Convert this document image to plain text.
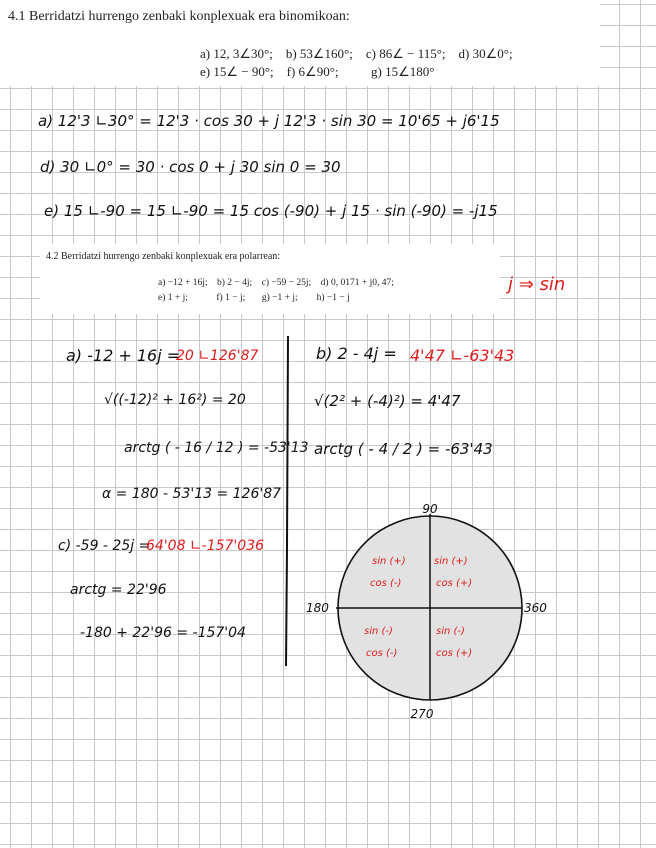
4.1 Berridatzi hurrengo zenbaki konplexuak era binomikoan:
a) 12, 3∠30°;    b) 53∠160°;    c) 86∠ − 115°;    d) 30∠0°;
e) 15∠ − 90°;    f) 6∠90°;          g) 15∠180°
a) 12'3 ∟30° = 12'3 · cos 30 + j 12'3 · sin 30 = 10'65 + j6'15
d) 30 ∟0° = 30 · cos 0 + j 30 sin 0 = 30
e) 15 ∟-90 = 15 ∟-90 = 15 cos (-90) + j 15 · sin (-90) = -j15
4.2 Berridatzi hurrengo zenbaki konplexuak era polarrean:
a) −12 + 16j;    b) 2 − 4j;    c) −59 − 25j;    d) 0, 0171 + j0, 47;
e) 1 + j;            f) 1 − j;       g) −1 + j;        h) −1 − j
j ⇒ sin
a) -12 + 16j =
20 ∟126'87
√((-12)² + 16²) = 20
arctg ( - 16 / 12 ) = -53'13
α = 180 - 53'13 = 126'87
c) -59 - 25j =
64'08 ∟-157'036
arctg = 22'96
-180 + 22'96 = -157'04
b) 2 - 4j = 4'47 ∟-63'43
√(2² + (-4)²) = 4'47
arctg ( - 4 / 2 ) = -63'43
90
180	360
270
sin (+)
cos (-)
sin (+)
cos (+)
sin (-)
cos (-)
sin (-)
cos (+)
